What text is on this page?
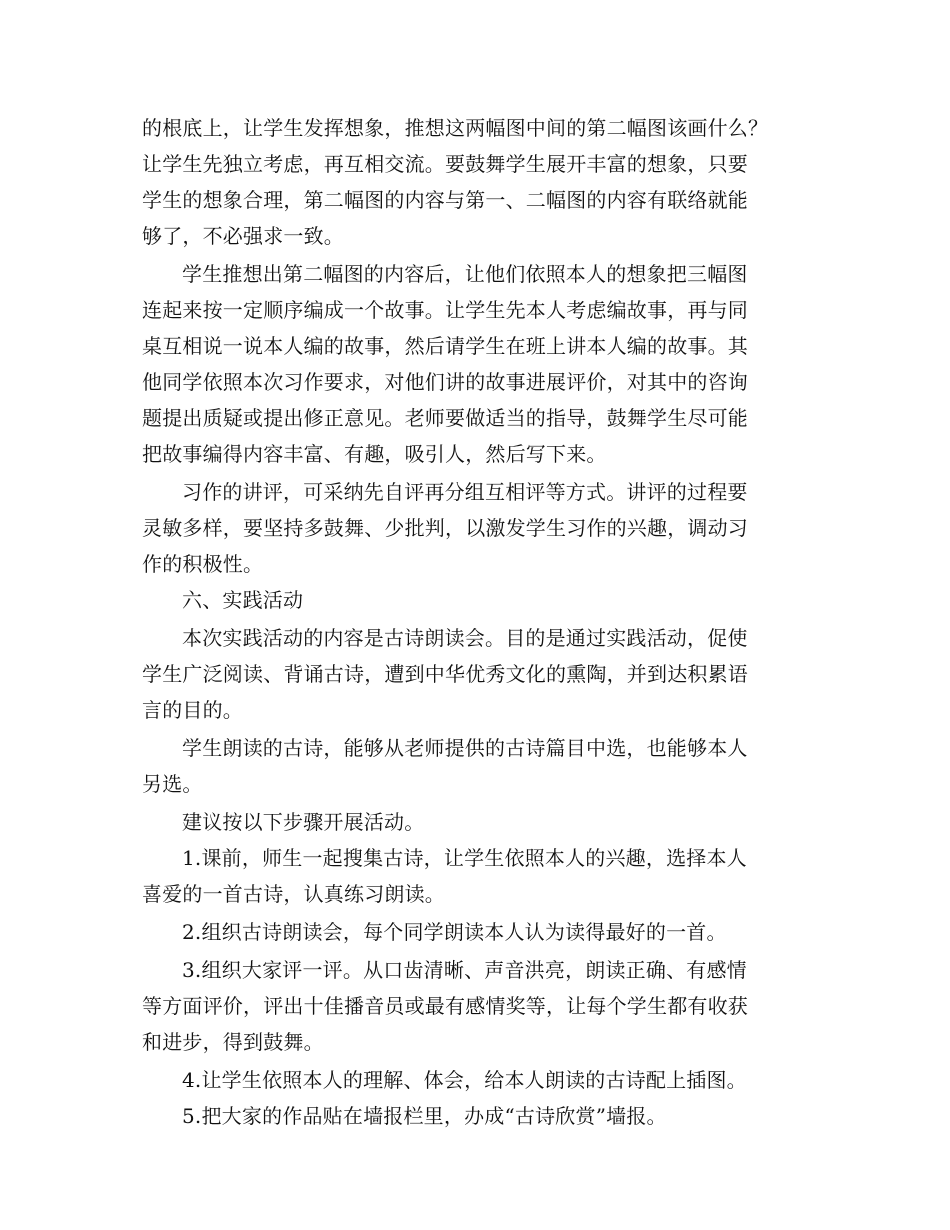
的根底上，让学生发挥想象，推想这两幅图中间的第二幅图该画什么？
让学生先独立考虑，再互相交流。要鼓舞学生展开丰富的想象，只要
学生的想象合理，第二幅图的内容与第一、二幅图的内容有联络就能
够了，不必强求一致。
学生推想出第二幅图的内容后，让他们依照本人的想象把三幅图
连起来按一定顺序编成一个故事。让学生先本人考虑编故事，再与同
桌互相说一说本人编的故事，然后请学生在班上讲本人编的故事。其
他同学依照本次习作要求，对他们讲的故事进展评价，对其中的咨询
题提出质疑或提出修正意见。老师要做适当的指导，鼓舞学生尽可能
把故事编得内容丰富、有趣，吸引人，然后写下来。
习作的讲评，可采纳先自评再分组互相评等方式。讲评的过程要
灵敏多样，要坚持多鼓舞、少批判，以激发学生习作的兴趣，调动习
作的积极性。
六、实践活动
本次实践活动的内容是古诗朗读会。目的是通过实践活动，促使
学生广泛阅读、背诵古诗，遭到中华优秀文化的熏陶，并到达积累语
言的目的。
学生朗读的古诗，能够从老师提供的古诗篇目中选，也能够本人
另选。
建议按以下步骤开展活动。
1.课前，师生一起搜集古诗，让学生依照本人的兴趣，选择本人
喜爱的一首古诗，认真练习朗读。
2.组织古诗朗读会，每个同学朗读本人认为读得最好的一首。
3.组织大家评一评。从口齿清晰、声音洪亮，朗读正确、有感情
等方面评价，评出十佳播音员或最有感情奖等，让每个学生都有收获
和进步，得到鼓舞。
4.让学生依照本人的理解、体会，给本人朗读的古诗配上插图。
5.把大家的作品贴在墙报栏里，办成“古诗欣赏”墙报。
